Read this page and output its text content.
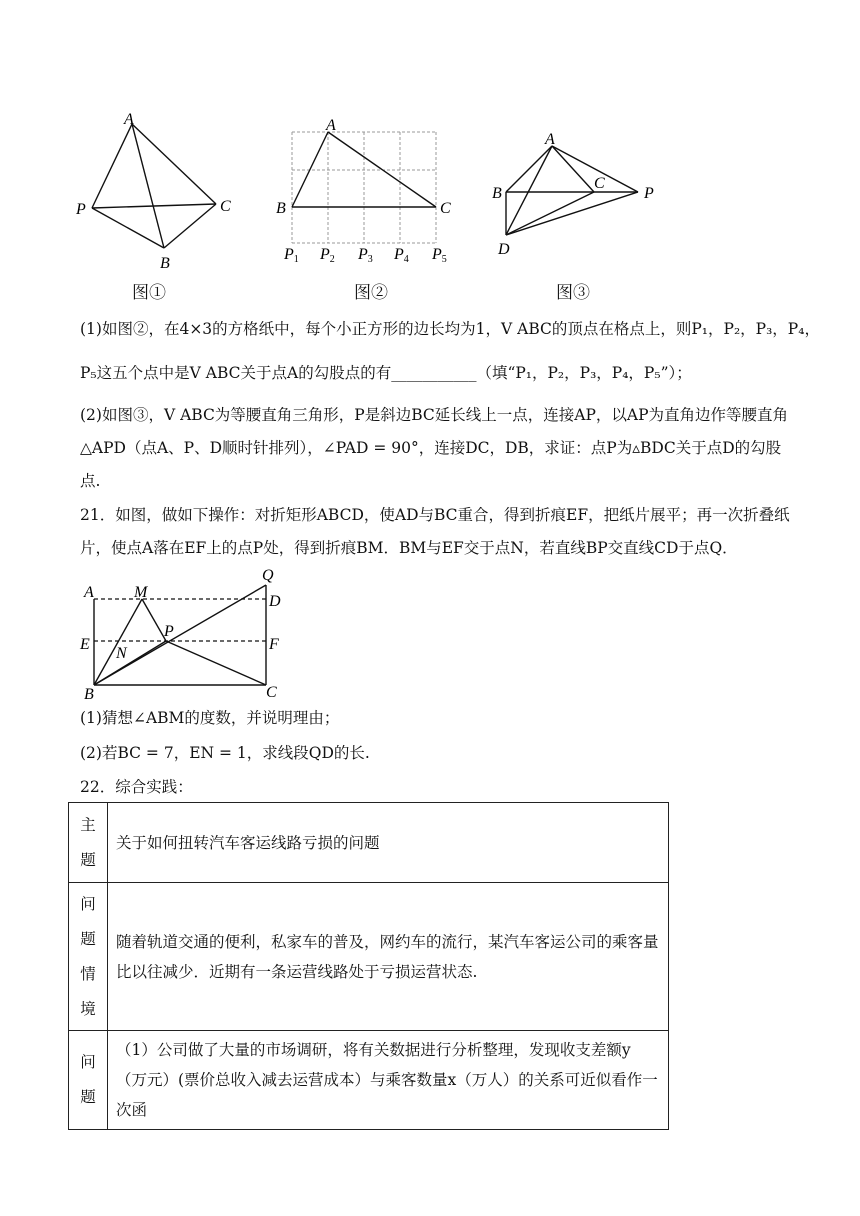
A
P	C
B
图①
A
B	C
P1 P2 P3 P4 P5
图②
A
B
C
P
D
图③
(1)如图②，在4×3的方格纸中，每个小正方形的边长均为1，V ABC的顶点在格点上，则P₁，P₂，P₃，P₄，
P₅这五个点中是V ABC关于点A的勾股点的有___________（填“P₁，P₂，P₃，P₄，P₅”）；
(2)如图③，V ABC为等腰直角三角形，P是斜边BC延长线上一点，连接AP，以AP为直角边作等腰直角
△APD（点A、P、D顺时针排列），∠PAD = 90°，连接DC，DB，求证：点P为▵BDC关于点D的勾股
点.
21．如图，做如下操作：对折矩形ABCD，使AD与BC重合，得到折痕EF，把纸片展平；再一次折叠纸
片，使点A落在EF上的点P处，得到折痕BM．BM与EF交于点N，若直线BP交直线CD于点Q．
A	M
Q
D
E
P
F
N
B	C
(1)猜想∠ABM的度数，并说明理由；
(2)若BC = 7，EN = 1，求线段QD的长.
22．综合实践：
主
题	关于如何扭转汽车客运线路亏损的问题

问
题
情
境	随着轨道交通的便利，私家车的普及，网约车的流行，某汽车客运公司的乘客量比以往减少．近期有一条运营线路处于亏损运营状态.

问
题	（1）公司做了大量的市场调研，将有关数据进行分析整理，发现收支差额y（万元）(票价总收入减去运营成本）与乘客数量x（万人）的关系可近似看作一次函
